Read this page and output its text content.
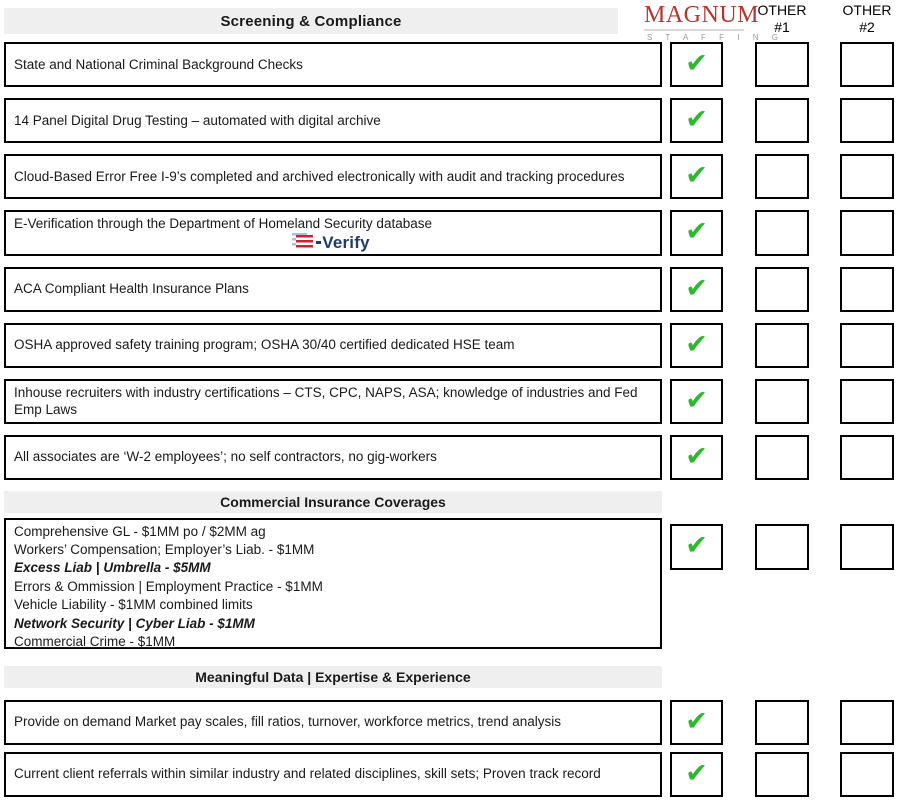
Screening & Compliance	MAGNUM
S T A F F I N G
OTHER
#1
OTHER
#2
State and National Criminal Background Checks	✔
14 Panel Digital Drug Testing – automated with digital archive	✔
Cloud-Based Error Free I-9’s completed and archived electronically with audit and tracking procedures	✔
E-Verification through the Department of Homeland Security database
Verify	✔
ACA Compliant Health Insurance Plans	✔
OSHA approved safety training program; OSHA 30/40 certified dedicated HSE team	✔
Inhouse recruiters with industry certifications – CTS, CPC, NAPS, ASA; knowledge of industries and Fed Emp Laws	✔
All associates are ‘W-2 employees’; no self contractors, no gig-workers	✔
Commercial Insurance Coverages
Comprehensive GL - $1MM po / $2MM ag
Workers’ Compensation; Employer’s Liab. - $1MM
Excess Liab | Umbrella - $5MM
Errors & Ommission | Employment Practice - $1MM
Vehicle Liability - $1MM combined limits
Network Security | Cyber Liab - $1MM
Commercial Crime - $1MM
✔
Meaningful Data | Expertise & Experience
Provide on demand Market pay scales, fill ratios, turnover, workforce metrics, trend analysis	✔
Current client referrals within similar industry and related disciplines, skill sets; Proven track record	✔
